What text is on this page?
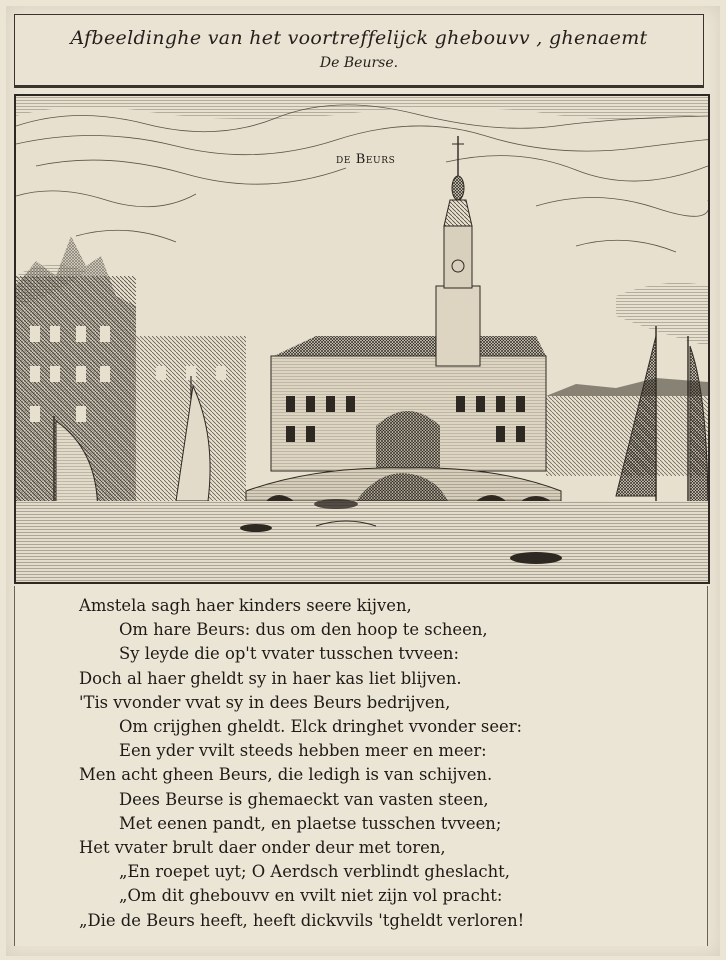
Afbeeldinghe van het voortreffelijck ghebouvv , ghenaemt
De Beurse.
de Beurs
Amstela sagh haer kinders seere kijven,
Om hare Beurs: dus om den hoop te scheen,
Sy leyde die op't vvater tusschen tvveen:
Doch al haer gheldt sy in haer kas liet blijven.
'Tis vvonder vvat sy in dees Beurs bedrijven,
Om crijghen gheldt. Elck dringhet vvonder seer:
Een yder vvilt steeds hebben meer en meer:
Men acht gheen Beurs, die ledigh is van schijven.
Dees Beurse is ghemaeckt van vasten steen,
Met eenen pandt, en plaetse tusschen tvveen;
Het vvater brult daer onder deur met toren,
„En roepet uyt; O Aerdsch verblindt gheslacht,
„Om dit ghebouvv en vvilt niet zijn vol pracht:
„Die de Beurs heeft, heeft dickvvils 'tgheldt verloren!
